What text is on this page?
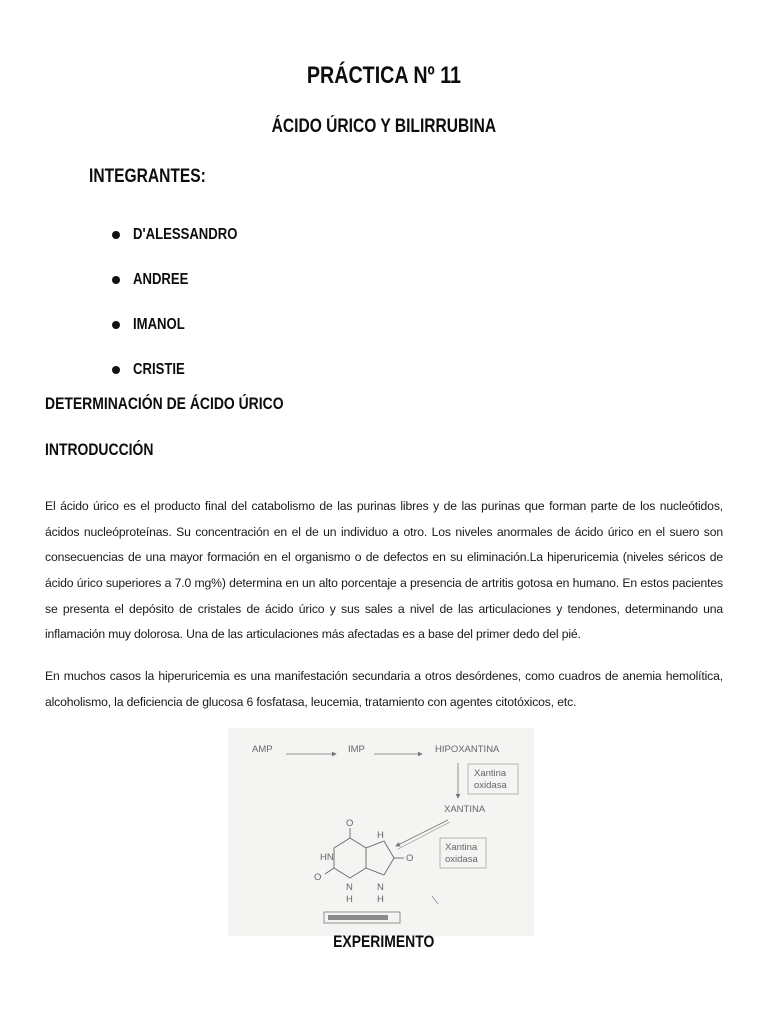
PRÁCTICA Nº 11
ÁCIDO ÚRICO Y BILIRRUBINA
INTEGRANTES:
D'ALESSANDRO
ANDREE
IMANOL
CRISTIE
DETERMINACIÓN DE ÁCIDO ÚRICO
INTRODUCCIÓN

El ácido úrico es el producto final del catabolismo de las purinas libres y de las purinas que forman parte de los nucleótidos, ácidos nucleóproteínas. Su concentración en el de un individuo a otro. Los niveles anormales de ácido úrico en el suero son consecuencias de una mayor formación en el organismo o de defectos en su eliminación.La hiperuricemia (niveles séricos de ácido úrico superiores a 7.0 mg%) determina en un alto porcentaje a presencia de artritis gotosa en humano. En estos pacientes se presenta el depósito de cristales de ácido úrico y sus sales a nivel de las articulaciones y tendones, determinando una inflamación muy dolorosa. Una de las articulaciones más afectadas es a base del primer dedo del pié.

En muchos casos la hiperuricemia es una manifestación secundaria a otros desórdenes, como cuadros de anemia hemolítica, alcoholismo, la deficiencia de glucosa 6 fosfatasa, leucemia, tratamiento con agentes citotóxicos, etc.

AMP	IMP	HIPOXANTINA
Xantina
oxidasa
XANTINA
Xantina
oxidasa
O
H
HN
O
O
N
H
N
H
EXPERIMENTO
